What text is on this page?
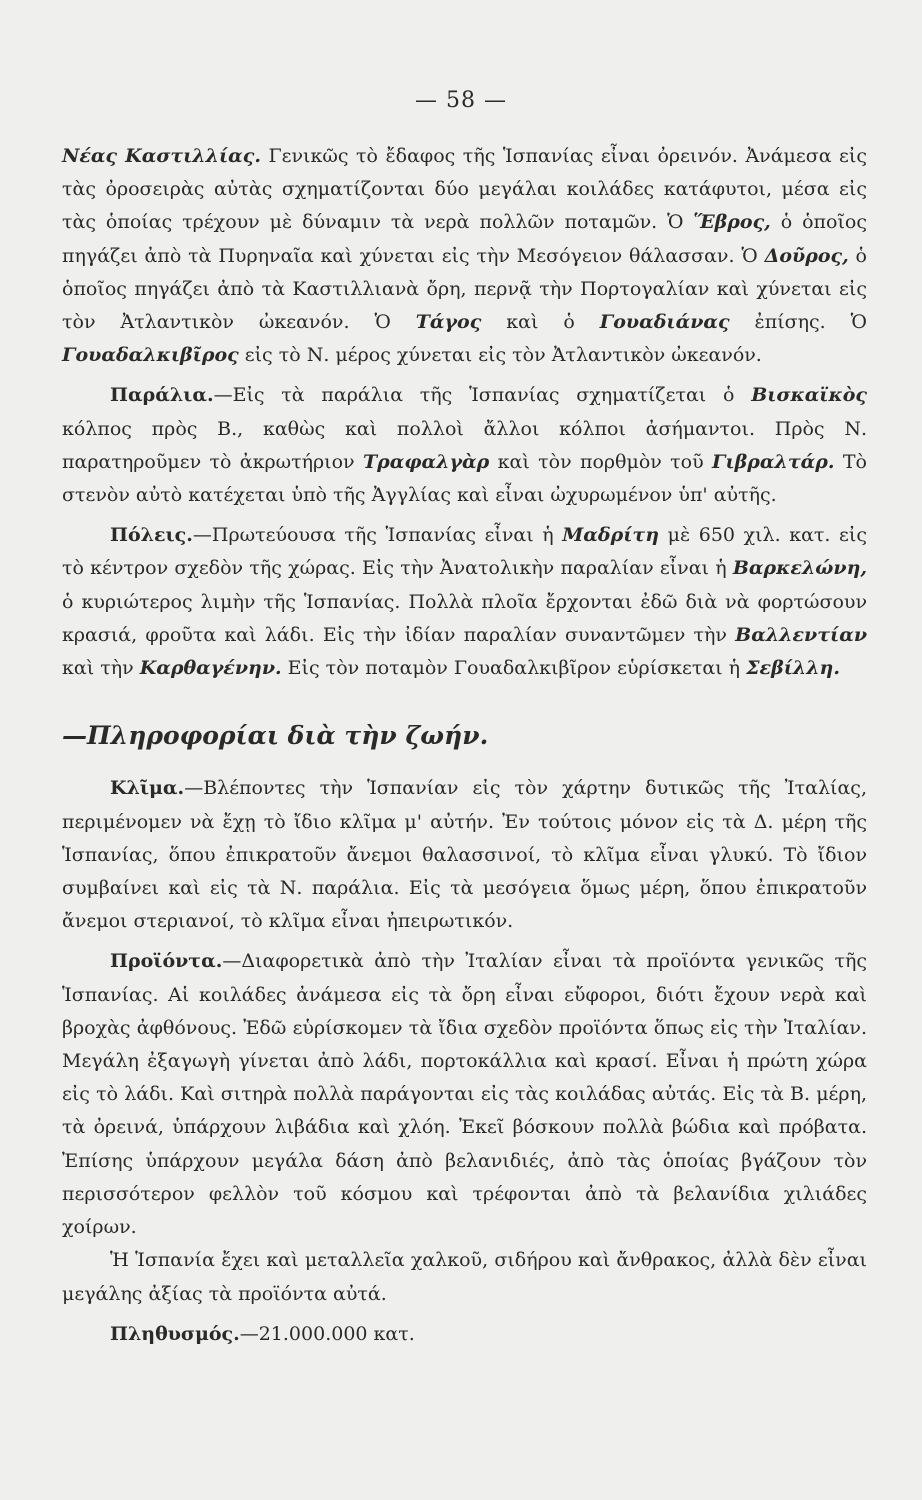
— 58 —

Νέας Καστιλλίας. Γενικῶς τὸ ἔδαφος τῆς Ἱσπανίας εἶναι ὀρεινόν. Ἀνάμεσα εἰς τὰς ὀροσειρὰς αὐτὰς σχηματίζονται δύο μεγάλαι κοιλάδες κατάφυτοι, μέσα εἰς τὰς ὁποίας τρέχουν μὲ δύναμιν τὰ νερὰ πολλῶν ποταμῶν. Ὁ Ἕβρος, ὁ ὁποῖος πηγάζει ἀπὸ τὰ Πυρηναῖα καὶ χύνεται εἰς τὴν Μεσόγειον θάλασσαν. Ὁ Δοῦρος, ὁ ὁποῖος πηγάζει ἀπὸ τὰ Καστιλλιανὰ ὄρη, περνᾷ τὴν Πορτογαλίαν καὶ χύνεται εἰς τὸν Ἀτλαντικὸν ὠκεανόν. Ὁ Τάγος καὶ ὁ Γουαδιάνας ἐπίσης. Ὁ Γουαδαλκιβῖρος εἰς τὸ Ν. μέρος χύνεται εἰς τὸν Ἀτλαντικὸν ὠκεανόν.

Παράλια.—Εἰς τὰ παράλια τῆς Ἱσπανίας σχηματίζεται ὁ Βισκαϊκὸς κόλπος πρὸς Β., καθὼς καὶ πολλοὶ ἄλλοι κόλποι ἀσήμαντοι. Πρὸς Ν. παρατηροῦμεν τὸ ἀκρωτήριον Τραφαλγὰρ καὶ τὸν πορθμὸν τοῦ Γιβραλτάρ. Τὸ στενὸν αὐτὸ κατέχεται ὑπὸ τῆς Ἀγγλίας καὶ εἶναι ὠχυρωμένον ὑπ' αὐτῆς.

Πόλεις.—Πρωτεύουσα τῆς Ἱσπανίας εἶναι ἡ Μαδρίτη μὲ 650 χιλ. κατ. εἰς τὸ κέντρον σχεδὸν τῆς χώρας. Εἰς τὴν Ἀνατολικὴν παραλίαν εἶναι ἡ Βαρκελώνη, ὁ κυριώτερος λιμὴν τῆς Ἱσπανίας. Πολλὰ πλοῖα ἔρχονται ἐδῶ διὰ νὰ φορτώσουν κρασιά, φροῦτα καὶ λάδι. Εἰς τὴν ἰδίαν παραλίαν συναντῶμεν τὴν Βαλλεντίαν καὶ τὴν Καρθαγένην. Εἰς τὸν ποταμὸν Γουαδαλκιβῖρον εὑρίσκεται ἡ Σεβίλλη.

—Πληροφορίαι διὰ τὴν ζωήν.

Κλῖμα.—Βλέποντες τὴν Ἱσπανίαν εἰς τὸν χάρτην δυτικῶς τῆς Ἰταλίας, περιμένομεν νὰ ἔχῃ τὸ ἴδιο κλῖμα μ' αὐτήν. Ἐν τούτοις μόνον εἰς τὰ Δ. μέρη τῆς Ἱσπανίας, ὅπου ἐπικρατοῦν ἄνεμοι θαλασσινοί, τὸ κλῖμα εἶναι γλυκύ. Τὸ ἴδιον συμβαίνει καὶ εἰς τὰ Ν. παράλια. Εἰς τὰ μεσόγεια ὅμως μέρη, ὅπου ἐπικρατοῦν ἄνεμοι στεριανοί, τὸ κλῖμα εἶναι ἠπειρωτικόν.

Προϊόντα.—Διαφορετικὰ ἀπὸ τὴν Ἰταλίαν εἶναι τὰ προϊόντα γενικῶς τῆς Ἱσπανίας. Αἱ κοιλάδες ἀνάμεσα εἰς τὰ ὄρη εἶναι εὔφοροι, διότι ἔχουν νερὰ καὶ βροχὰς ἀφθόνους. Ἐδῶ εὑρίσκομεν τὰ ἴδια σχεδὸν προϊόντα ὅπως εἰς τὴν Ἰταλίαν. Μεγάλη ἐξαγωγὴ γίνεται ἀπὸ λάδι, πορτοκάλλια καὶ κρασί. Εἶναι ἡ πρώτη χώρα εἰς τὸ λάδι. Καὶ σιτηρὰ πολλὰ παράγονται εἰς τὰς κοιλάδας αὐτάς. Εἰς τὰ Β. μέρη, τὰ ὀρεινά, ὑπάρχουν λιβάδια καὶ χλόη. Ἐκεῖ βόσκουν πολλὰ βώδια καὶ πρόβατα. Ἐπίσης ὑπάρχουν μεγάλα δάση ἀπὸ βελανιδιές, ἀπὸ τὰς ὁποίας βγάζουν τὸν περισσότερον φελλὸν τοῦ κόσμου καὶ τρέφονται ἀπὸ τὰ βελανίδια χιλιάδες χοίρων.

Ἡ Ἱσπανία ἔχει καὶ μεταλλεῖα χαλκοῦ, σιδήρου καὶ ἄνθρακος, ἀλλὰ δὲν εἶναι μεγάλης ἀξίας τὰ προϊόντα αὐτά.

Πληθυσμός.—21.000.000 κατ.
